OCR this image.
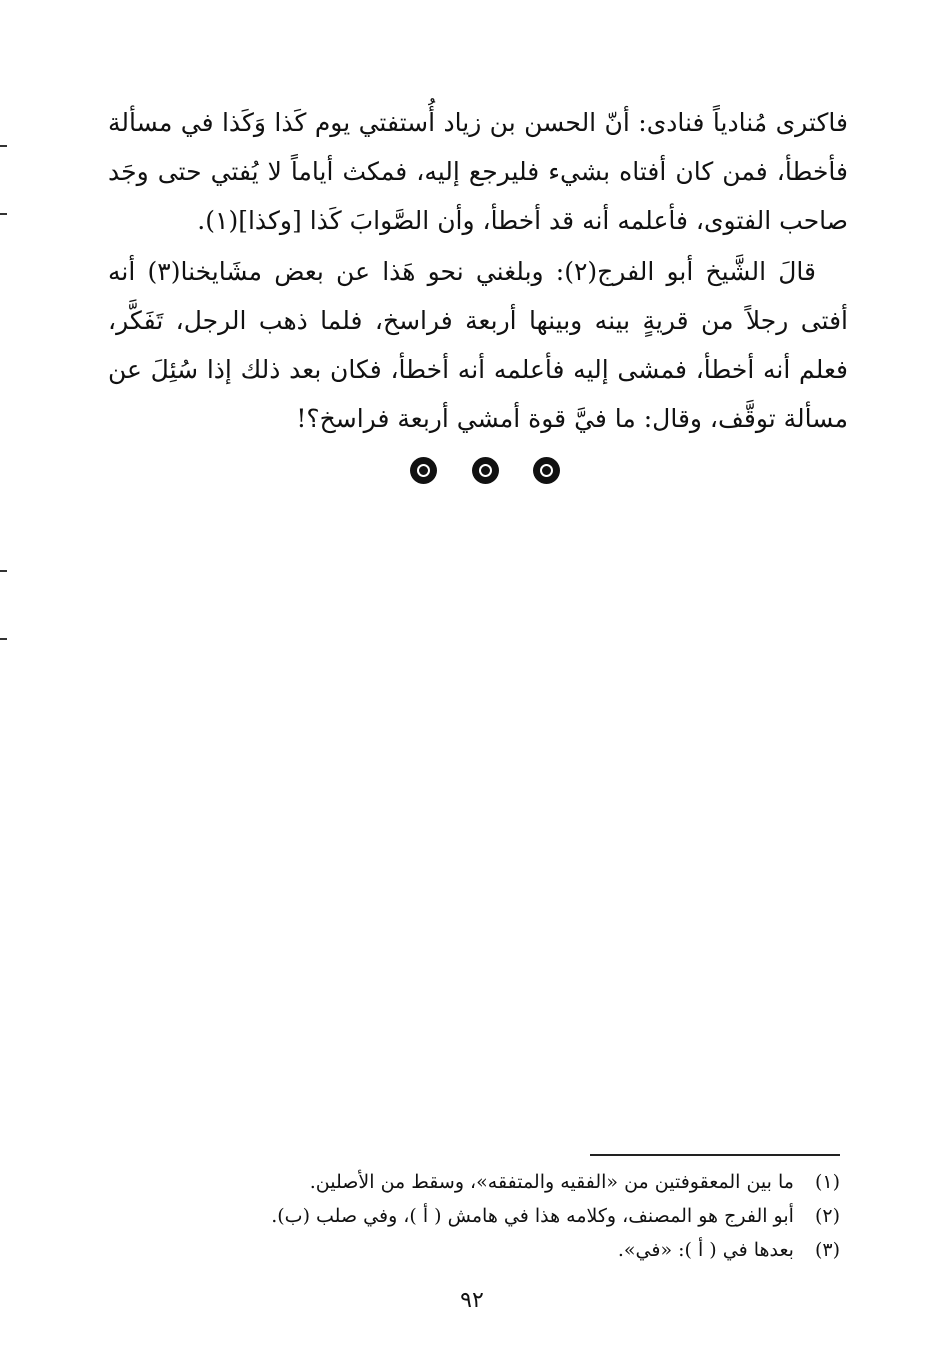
فاكترى مُنادياً فنادى: أنّ الحسن بن زياد أُستفتي يوم كَذا وَكَذا في مسألة فأخطأ، فمن كان أفتاه بشيء فليرجع إليه، فمكث أياماً لا يُفتي حتى وجَد صاحب الفتوى، فأعلمه أنه قد أخطأ، وأن الصَّوابَ كَذا [وكذا](١).

قالَ الشَّيخ أبو الفرج(٢): وبلغني نحو هَذا عن بعض مشَايخنا(٣) أنه أفتى رجلاً من قريةٍ بينه وبينها أربعة فراسخ، فلما ذهب الرجل، تَفَكَّر، فعلم أنه أخطأ، فمشى إليه فأعلمه أنه أخطأ، فكان بعد ذلك إذا سُئِلَ عن مسألة توقَّف، وقال: ما فيَّ قوة أمشي أربعة فراسخ؟!

(١) ما بين المعقوفتين من «الفقيه والمتفقه»، وسقط من الأصلين.
(٢) أبو الفرج هو المصنف، وكلامه هذا في هامش ( أ )، وفي صلب (ب).
(٣) بعدها في ( أ ): «في».
٩٢
